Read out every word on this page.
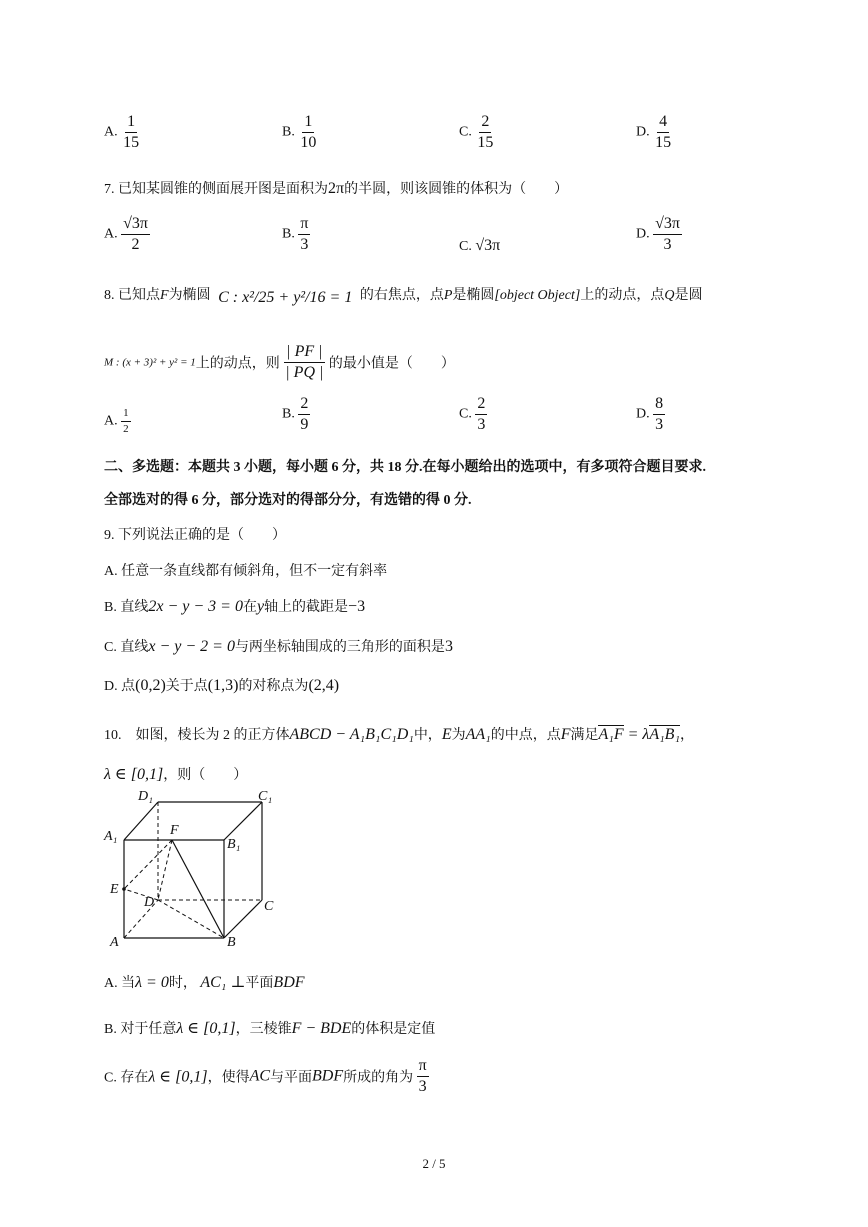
A. $\frac{1}{15}$	B. $\frac{1}{10}$	C. $\frac{2}{15}$	D. $\frac{4}{15}$
7. 已知某圆锥的侧面展开图是面积为2π的半圆，则该圆锥的体积为（　　）
A. $\frac{√3\pi}{2}$	B. $\frac{\pi}{3}$	C. √3π
D. $\frac{√3\pi}{3}$
8. 已知点F为椭圆 C : x²/25 + y²/16 = 1 的右焦点，点P是椭圆[object Object]上的动点，点Q是圆
M : (x + 3)² + y² = 1上的动点，则 $\frac{| PF |}{| PQ |}$ 的最小值是（　　）
A. $\frac{1}{2}$	B. $\frac{2}{9}$	C. $\frac{2}{3}$	D. $\frac{8}{3}$
二、多选题：本题共 3 小题，每小题 6 分，共 18 分.在每小题给出的选项中，有多项符合题目要求.
全部选对的得 6 分，部分选对的得部分分，有选错的得 0 分.
9. 下列说法正确的是（　　）
A. 任意一条直线都有倾斜角，但不一定有斜率
B. 直线2x − y − 3 = 0在y轴上的截距是−3
C. 直线x − y − 2 = 0与两坐标轴围成的三角形的面积是3
D. 点(0,2)关于点(1,3)的对称点为(2,4)
10.　如图，棱长为 2 的正方体ABCD − A₁B₁C₁D₁中，E为AA₁的中点，点F满足A₁F = λA₁B₁，
λ ∈ [0,1]，则（　　）
D₁	C₁
A₁	F
B₁
E
D	C
A	B
A. 当λ = 0时， AC₁ ⊥平面BDF
B. 对于任意λ ∈ [0,1]，三棱锥F − BDE的体积是定值
C. 存在λ ∈ [0,1]，使得AC与平面BDF所成的角为 $\frac{\pi}{3}$
2 / 5
